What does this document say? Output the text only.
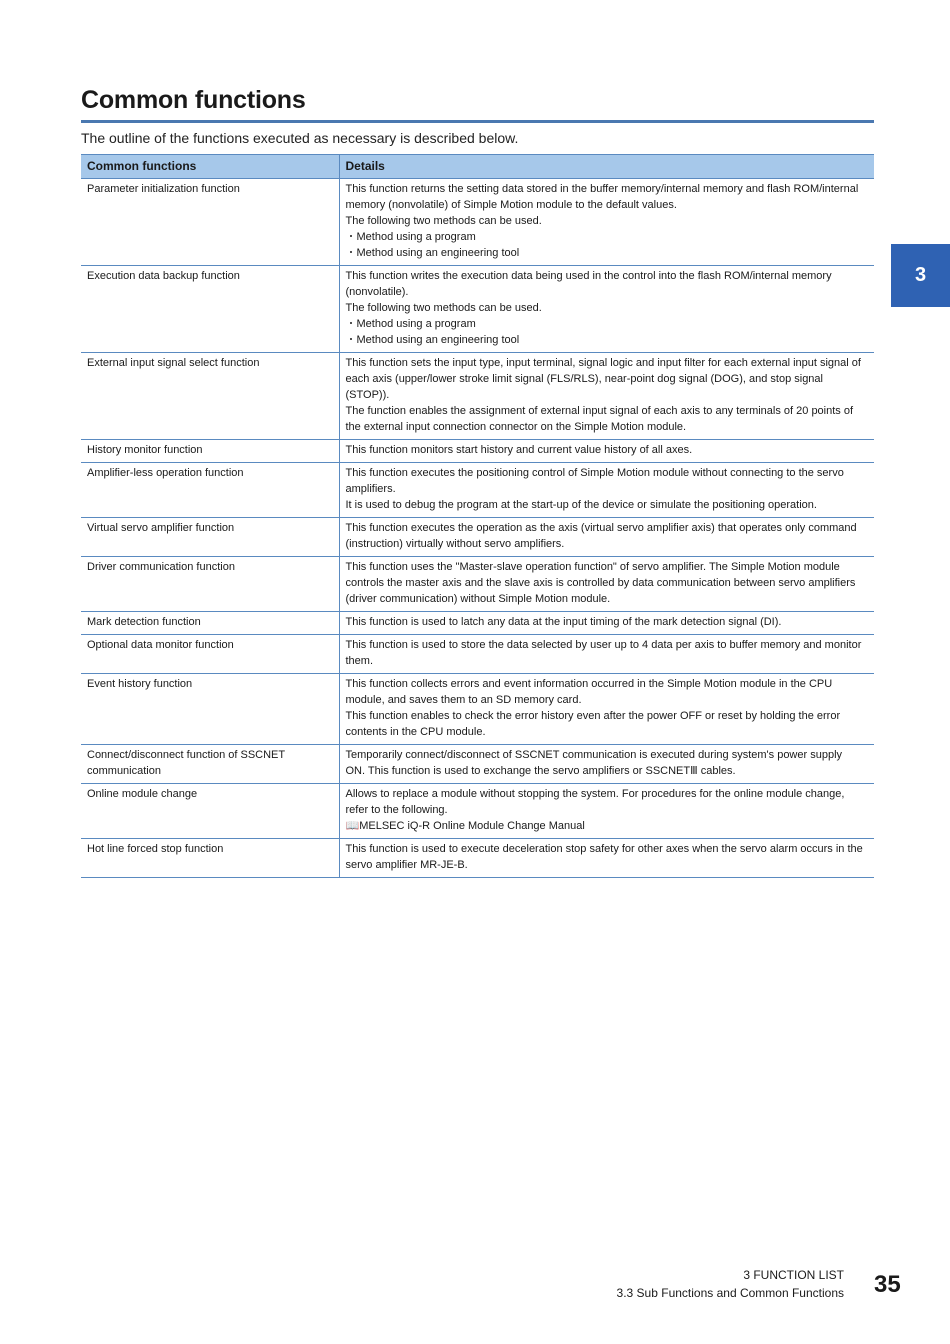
Common functions

The outline of the functions executed as necessary is described below.

Common functions	Details

Parameter initialization function	This function returns the setting data stored in the buffer memory/internal memory and flash ROM/internal
memory (nonvolatile) of Simple Motion module to the default values.
The following two methods can be used.
・Method using a program
・Method using an engineering tool

Execution data backup function	This function writes the execution data being used in the control into the flash ROM/internal memory
(nonvolatile).
The following two methods can be used.
・Method using a program
・Method using an engineering tool

External input signal select function	This function sets the input type, input terminal, signal logic and input filter for each external input signal of
each axis (upper/lower stroke limit signal (FLS/RLS), near-point dog signal (DOG), and stop signal
(STOP)).
The function enables the assignment of external input signal of each axis to any terminals of 20 points of
the external input connection connector on the Simple Motion module.

History monitor function	This function monitors start history and current value history of all axes.

Amplifier-less operation function	This function executes the positioning control of Simple Motion module without connecting to the servo
amplifiers.
It is used to debug the program at the start-up of the device or simulate the positioning operation.

Virtual servo amplifier function	This function executes the operation as the axis (virtual servo amplifier axis) that operates only command
(instruction) virtually without servo amplifiers.

Driver communication function	This function uses the "Master-slave operation function" of servo amplifier. The Simple Motion module
controls the master axis and the slave axis is controlled by data communication between servo amplifiers
(driver communication) without Simple Motion module.

Mark detection function	This function is used to latch any data at the input timing of the mark detection signal (DI).

Optional data monitor function	This function is used to store the data selected by user up to 4 data per axis to buffer memory and monitor
them.

Event history function	This function collects errors and event information occurred in the Simple Motion module in the CPU
module, and saves them to an SD memory card.
This function enables to check the error history even after the power OFF or reset by holding the error
contents in the CPU module.

Connect/disconnect function of SSCNET
communication	Temporarily connect/disconnect of SSCNET communication is executed during system's power supply
ON. This function is used to exchange the servo amplifiers or SSCNETⅢ cables.

Online module change	Allows to replace a module without stopping the system. For procedures for the online module change,
refer to the following.
📖MELSEC iQ-R Online Module Change Manual

Hot line forced stop function	This function is used to execute deceleration stop safety for other axes when the servo alarm occurs in the
servo amplifier MR-JE-B.
3
3 FUNCTION LIST
3.3 Sub Functions and Common Functions 35
